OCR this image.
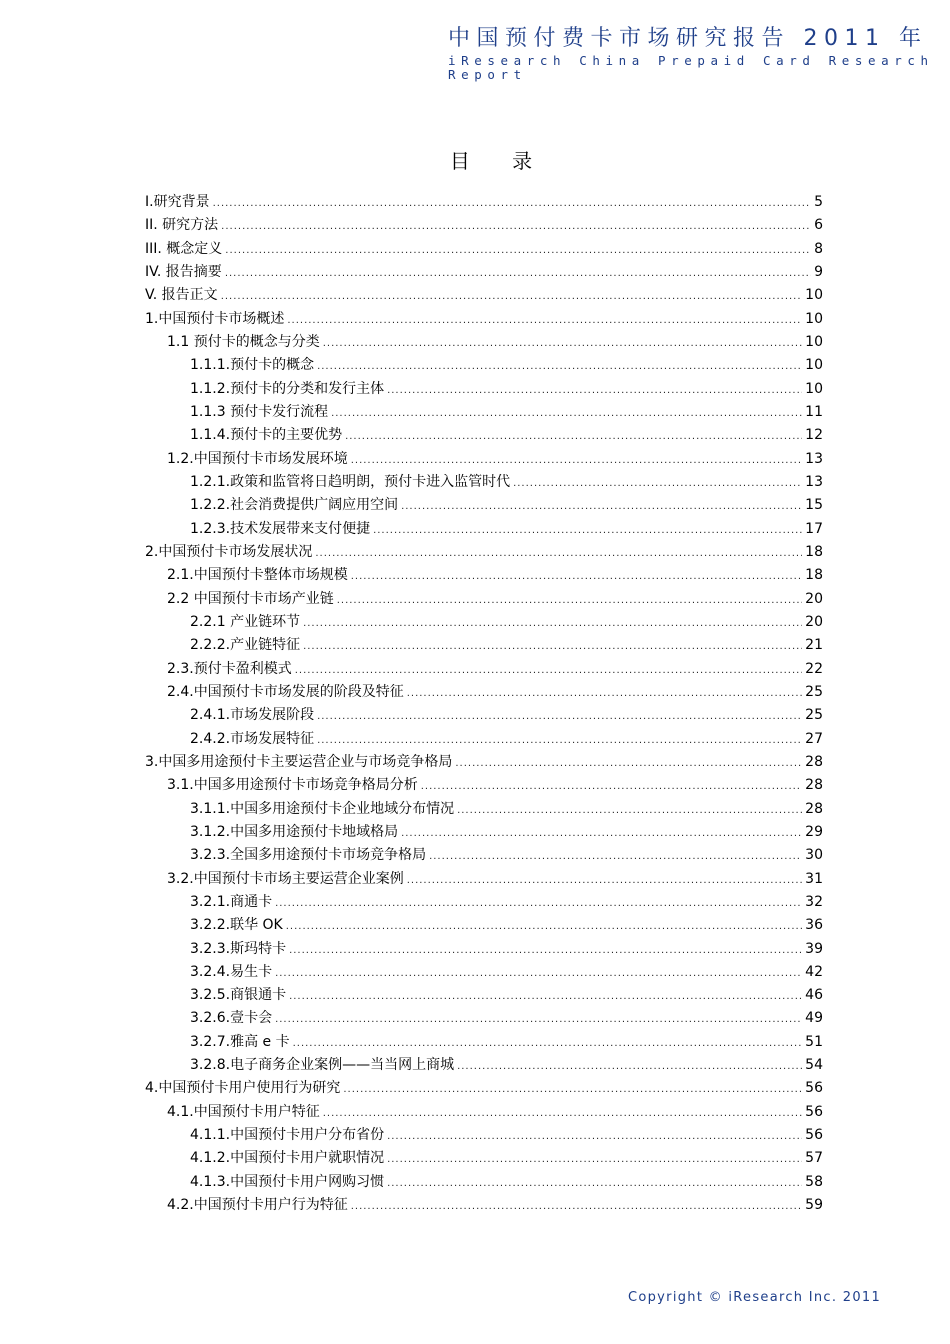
中国预付费卡市场研究报告 2011 年
iResearch China Prepaid Card Research Report
目 录
I.研究背景 .....	5
II. 研究方法 .....	6
III. 概念定义 .....	8
IV. 报告摘要 .....	9
V. 报告正文 .....	10
1.中国预付卡市场概述 .....	10
1.1 预付卡的概念与分类 .....	10
1.1.1.预付卡的概念 .....	10
1.1.2.预付卡的分类和发行主体 .....	10
1.1.3 预付卡发行流程 .....	11
1.1.4.预付卡的主要优势 .....	12
1.2.中国预付卡市场发展环境 .....	13
1.2.1.政策和监管将日趋明朗，预付卡进入监管时代 .....	13
1.2.2.社会消费提供广阔应用空间 .....	15
1.2.3.技术发展带来支付便捷 .....	17
2.中国预付卡市场发展状况 .....	18
2.1.中国预付卡整体市场规模 .....	18
2.2 中国预付卡市场产业链 .....	20
2.2.1 产业链环节 .....	20
2.2.2.产业链特征 .....	21
2.3.预付卡盈利模式 .....	22
2.4.中国预付卡市场发展的阶段及特征 .....	25
2.4.1.市场发展阶段 .....	25
2.4.2.市场发展特征 .....	27
3.中国多用途预付卡主要运营企业与市场竞争格局 .....	28
3.1.中国多用途预付卡市场竞争格局分析 .....	28
3.1.1.中国多用途预付卡企业地域分布情况 .....	28
3.1.2.中国多用途预付卡地域格局 .....	29
3.2.3.全国多用途预付卡市场竞争格局 .....	30
3.2.中国预付卡市场主要运营企业案例 .....	31
3.2.1.商通卡 .....	32
3.2.2.联华 OK .....	36
3.2.3.斯玛特卡 .....	39
3.2.4.易生卡 .....	42
3.2.5.商银通卡 .....	46
3.2.6.壹卡会 .....	49
3.2.7.雅高 e 卡 .....	51
3.2.8.电子商务企业案例——当当网上商城 .....	54
4.中国预付卡用户使用行为研究 .....	56
4.1.中国预付卡用户特征 .....	56
4.1.1.中国预付卡用户分布省份 .....	56
4.1.2.中国预付卡用户就职情况 .....	57
4.1.3.中国预付卡用户网购习惯 .....	58
4.2.中国预付卡用户行为特征 .....	59
Copyright © iResearch Inc. 2011
